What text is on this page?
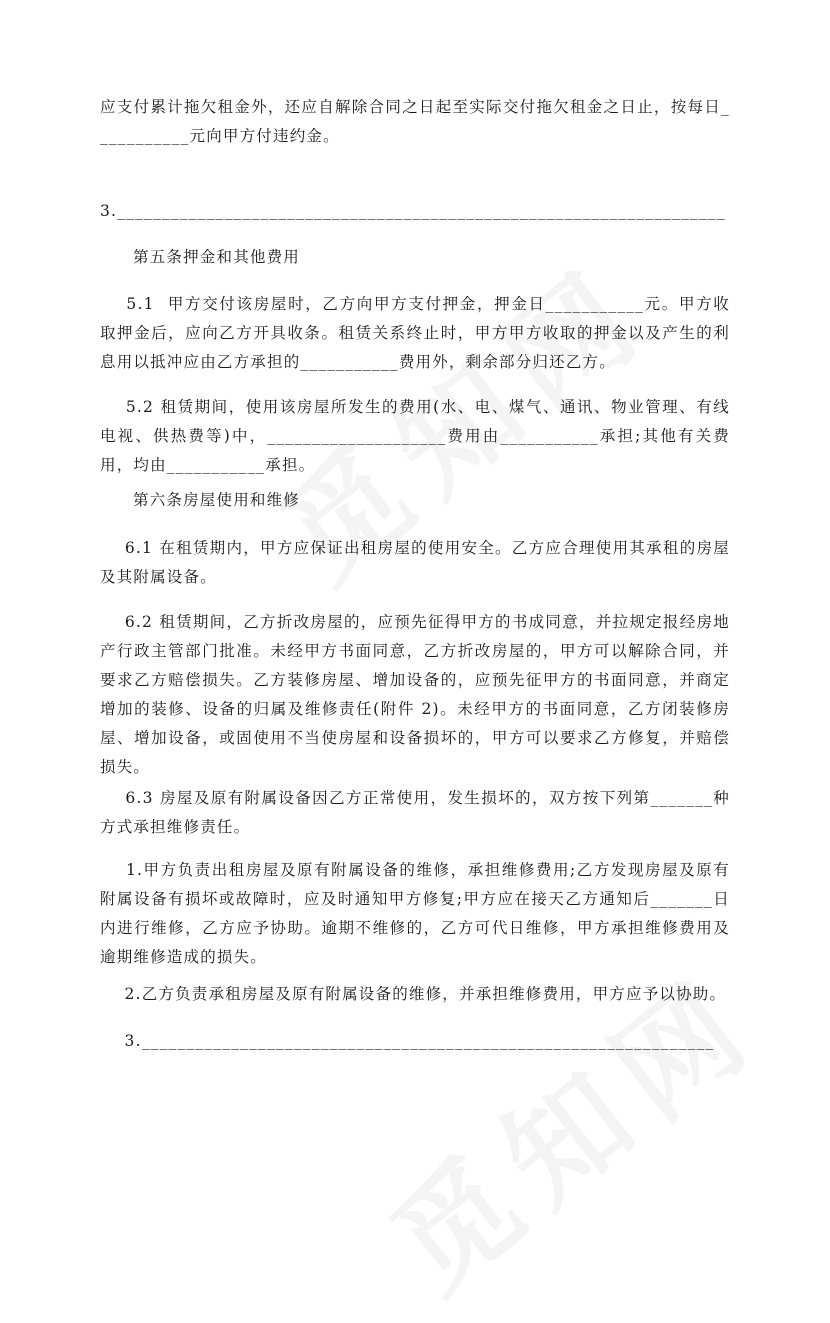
应支付累计拖欠租金外，还应自解除合同之日起至实际交付拖欠租金之日止，按每日___________元向甲方付违约金。
3.____________________________________________________________________
第五条押金和其他费用
5.1  甲方交付该房屋时，乙方向甲方支付押金，押金日___________元。甲方收取押金后，应向乙方开具收条。租赁关系终止时，甲方甲方收取的押金以及产生的利息用以抵冲应由乙方承担的___________费用外，剩余部分归还乙方。
5.2 租赁期间，使用该房屋所发生的费用(水、电、煤气、通讯、物业管理、有线电视、供热费等)中，____________________费用由___________承担;其他有关费用，均由___________承担。
第六条房屋使用和维修
6.1 在租赁期内，甲方应保证出租房屋的使用安全。乙方应合理使用其承租的房屋及其附属设备。
6.2 租赁期间，乙方折改房屋的，应预先征得甲方的书成同意，并拉规定报经房地产行政主管部门批准。未经甲方书面同意，乙方折改房屋的，甲方可以解除合同，并要求乙方赔偿损失。乙方装修房屋、增加设备的，应预先征甲方的书面同意，并商定增加的装修、设备的归属及维修责任(附件 2)。未经甲方的书面同意，乙方闭装修房屋、增加设备，或固使用不当使房屋和设备损坏的，甲方可以要求乙方修复，并赔偿损失。
6.3 房屋及原有附属设备因乙方正常使用，发生损坏的，双方按下列第_______种方式承担维修责任。
1.甲方负责出租房屋及原有附属设备的维修，承担维修费用;乙方发现房屋及原有附属设备有损坏或故障时，应及时通知甲方修复;甲方应在接天乙方通知后_______日内进行维修，乙方应予协助。逾期不维修的，乙方可代日维修，甲方承担维修费用及逾期维修造成的损失。
2.乙方负责承租房屋及原有附属设备的维修，并承担维修费用，甲方应予以协助。
3.________________________________________________________________
